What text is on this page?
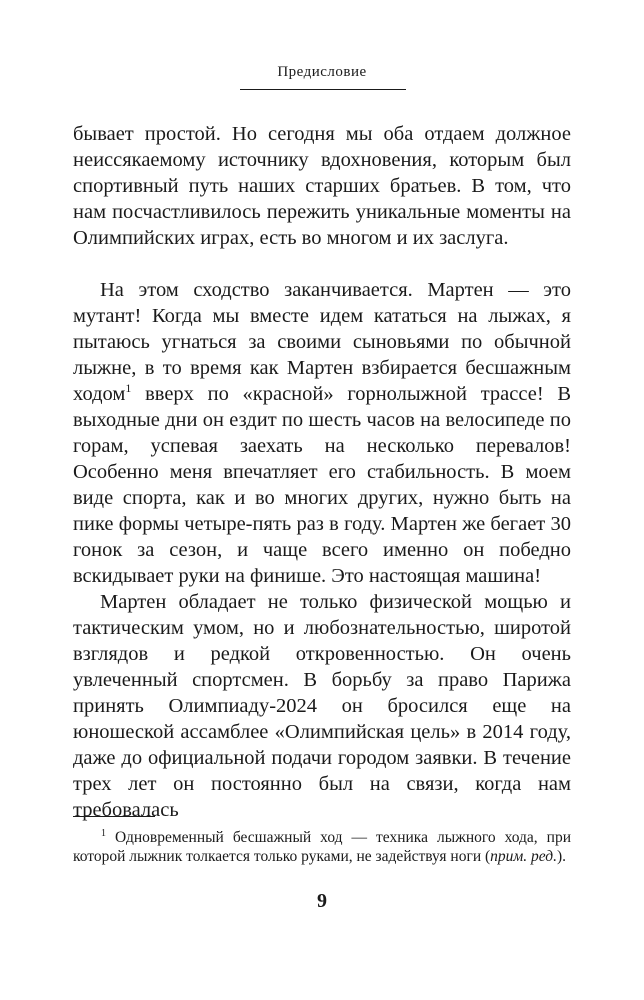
Предисловие

бывает простой. Но сегодня мы оба отдаем должное неиссякаемому источнику вдохновения, которым был спортивный путь наших старших братьев. В том, что нам посчастливилось пережить уникальные моменты на Олимпийских играх, есть во многом и их заслуга.

На этом сходство заканчивается. Мартен — это мутант! Когда мы вместе идем кататься на лыжах, я пытаюсь угнаться за своими сыновьями по обычной лыжне, в то время как Мартен взбирается бесшажным ходом$^1$ вверх по «красной» горнолыжной трассе! В выходные дни он ездит по шесть часов на велосипеде по горам, успевая заехать на несколько перевалов! Особенно меня впечатляет его стабильность. В моем виде спорта, как и во многих других, нужно быть на пике формы четыре-пять раз в году. Мартен же бегает 30 гонок за сезон, и чаще всего именно он победно вскидывает руки на финише. Это настоящая машина!

Мартен обладает не только физической мощью и тактическим умом, но и любознательностью, широтой взглядов и редкой откровенностью. Он очень увлеченный спортсмен. В борьбу за право Парижа принять Олимпиаду-2024 он бросился еще на юношеской ассамблее «Олимпийская цель» в 2014 году, даже до официальной подачи городом заявки. В течение трех лет он постоянно был на связи, когда нам требовалась

$^1$ Одновременный бесшажный ход — техника лыжного хода, при которой лыжник толкается только руками, не задействуя ноги (прим. ред.).

9
